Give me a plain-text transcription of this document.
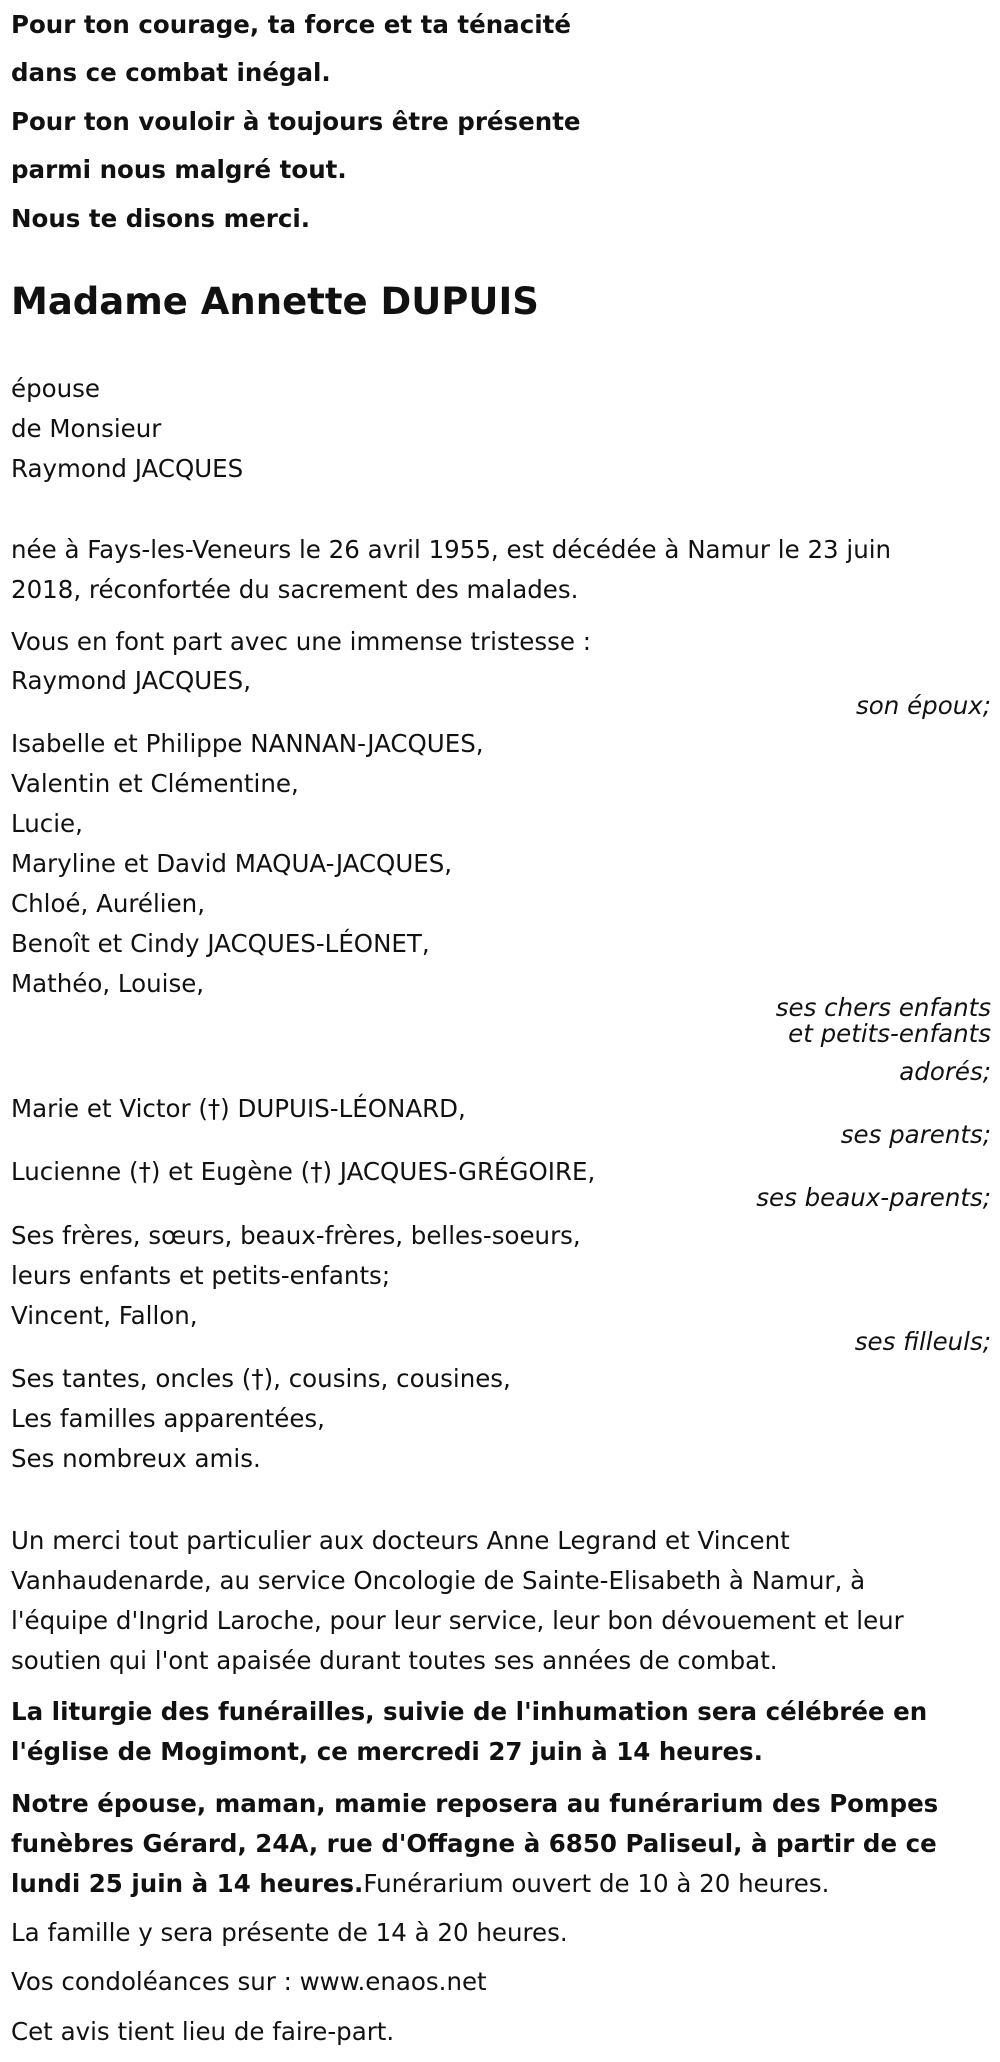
Pour ton courage, ta force et ta ténacité
dans ce combat inégal.
Pour ton vouloir à toujours être présente
parmi nous malgré tout.
Nous te disons merci.
Madame Annette DUPUIS
épouse
de Monsieur
Raymond JACQUES
née à Fays-les-Veneurs le 26 avril 1955, est décédée à Namur le 23 juin
2018, réconfortée du sacrement des malades.
Vous en font part avec une immense tristesse :
Raymond JACQUES,
son époux;
Isabelle et Philippe NANNAN-JACQUES,
Valentin et Clémentine,
Lucie,
Maryline et David MAQUA-JACQUES,
Chloé, Aurélien,
Benoît et Cindy JACQUES-LÉONET,
Mathéo, Louise,
ses chers enfants
et petits-enfants
adorés;
Marie et Victor (†) DUPUIS-LÉONARD,
ses parents;
Lucienne (†) et Eugène (†) JACQUES-GRÉGOIRE,
ses beaux-parents;
Ses frères, sœurs, beaux-frères, belles-soeurs,
leurs enfants et petits-enfants;
Vincent, Fallon,
ses filleuls;
Ses tantes, oncles (†), cousins, cousines,
Les familles apparentées,
Ses nombreux amis.
Un merci tout particulier aux docteurs Anne Legrand et Vincent
Vanhaudenarde, au service Oncologie de Sainte-Elisabeth à Namur, à
l'équipe d'Ingrid Laroche, pour leur service, leur bon dévouement et leur
soutien qui l'ont apaisée durant toutes ses années de combat.
La liturgie des funérailles, suivie de l'inhumation sera célébrée en
l'église de Mogimont, ce mercredi 27 juin à 14 heures.
Notre épouse, maman, mamie reposera au funérarium des Pompes
funèbres Gérard, 24A, rue d'Offagne à 6850 Paliseul, à partir de ce
lundi 25 juin à 14 heures.Funérarium ouvert de 10 à 20 heures.
La famille y sera présente de 14 à 20 heures.
Vos condoléances sur : www.enaos.net
Cet avis tient lieu de faire-part.
